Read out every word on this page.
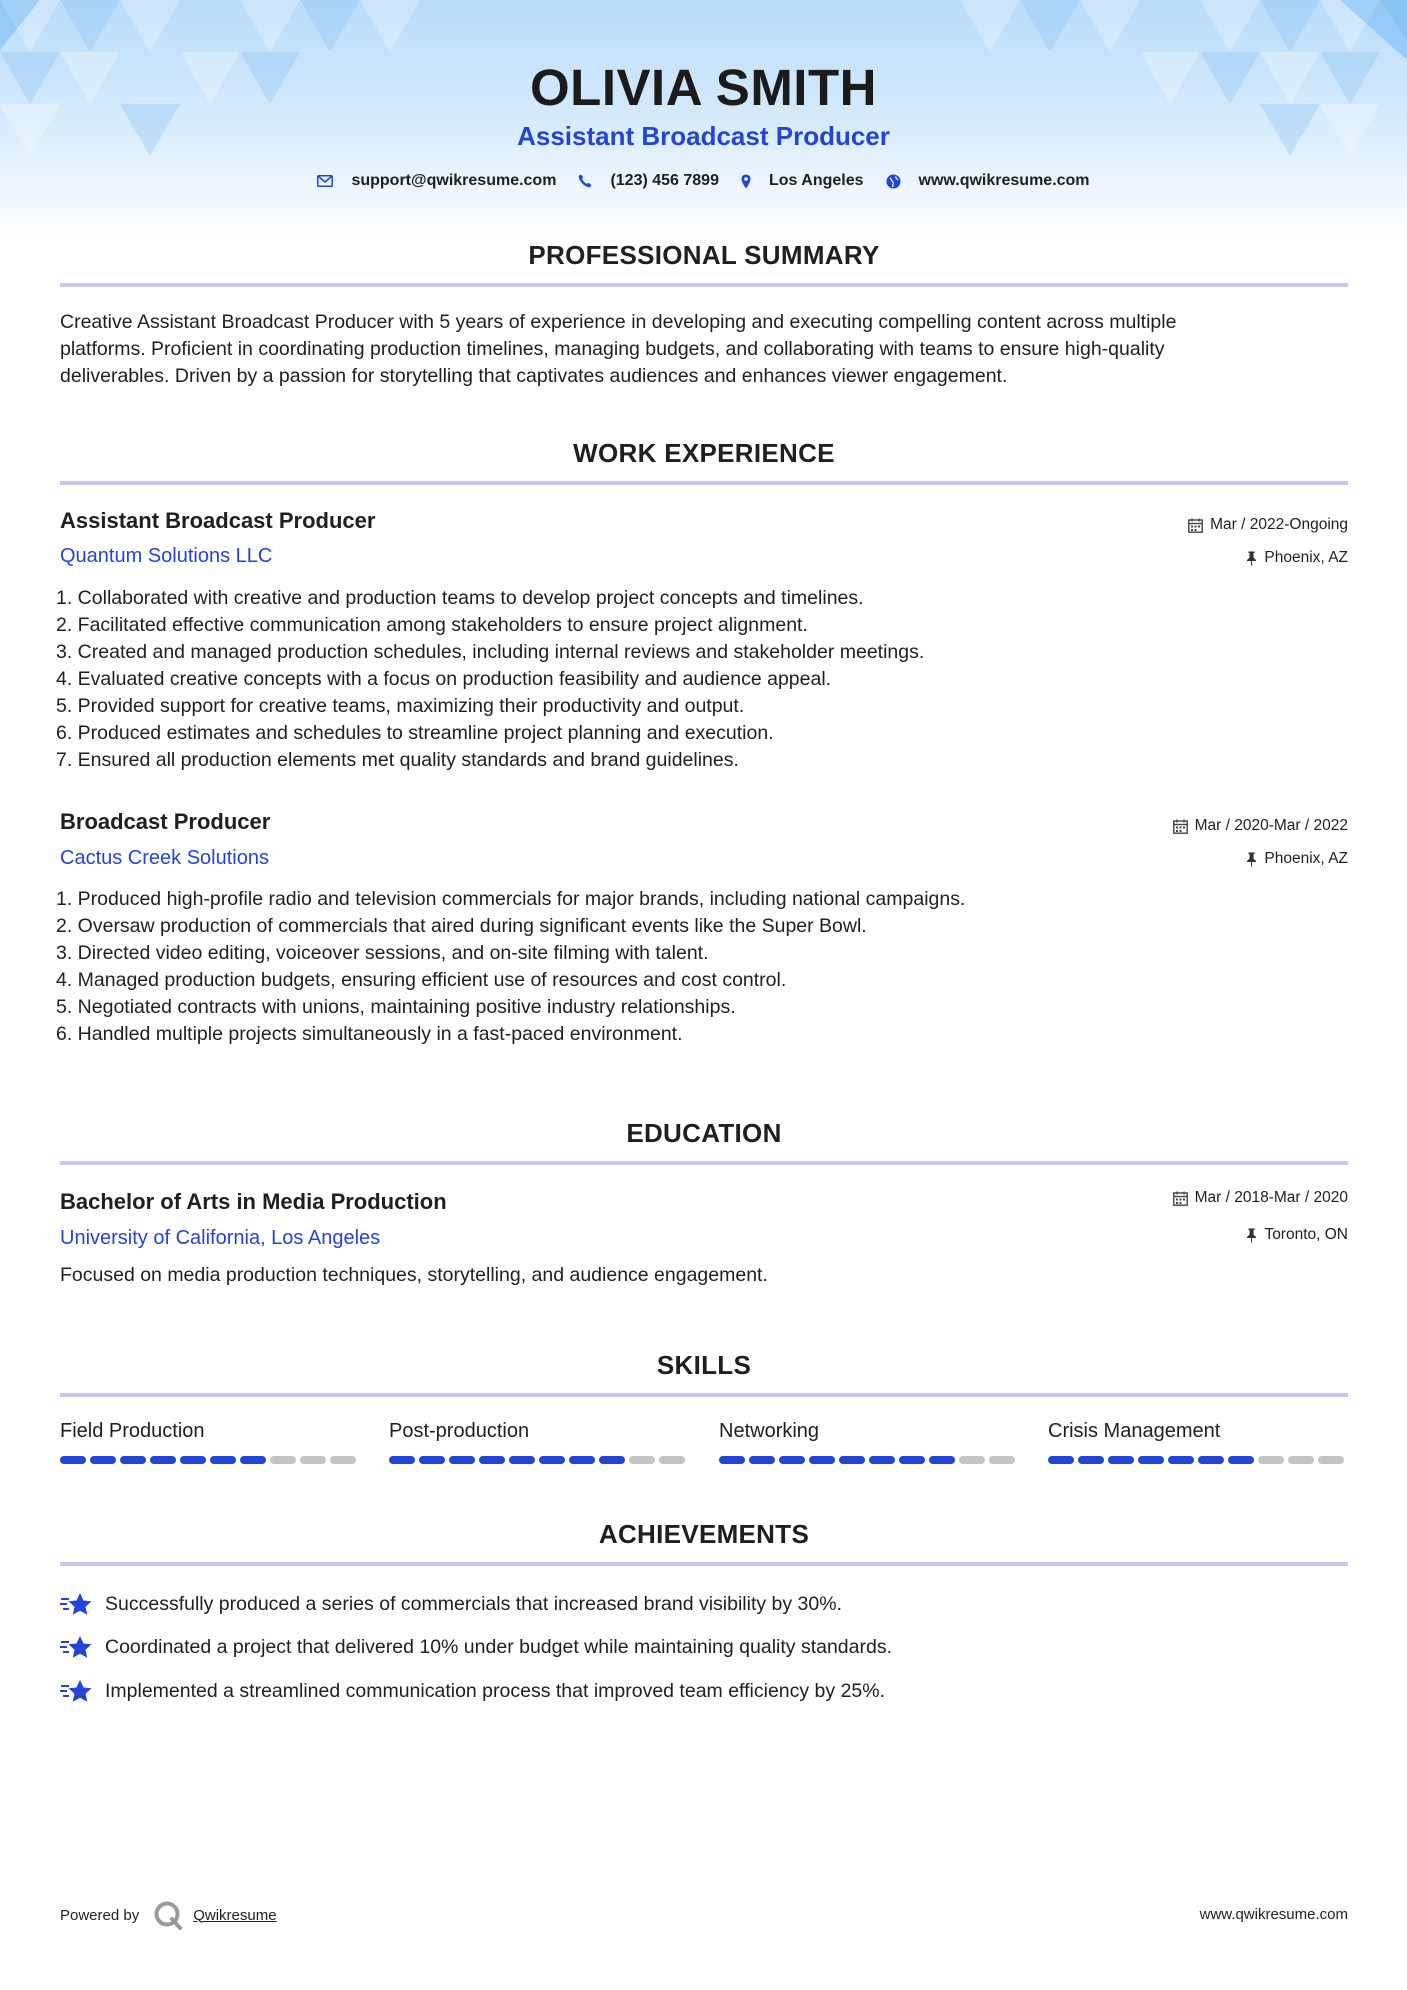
OLIVIA SMITH
Assistant Broadcast Producer
support@qwikresume.com	(123) 456 7899	Los Angeles	www.qwikresume.com
PROFESSIONAL SUMMARY
Creative Assistant Broadcast Producer with 5 years of experience in developing and executing compelling content across multiple
platforms. Proficient in coordinating production timelines, managing budgets, and collaborating with teams to ensure high-quality
deliverables. Driven by a passion for storytelling that captivates audiences and enhances viewer engagement.
WORK EXPERIENCE
Assistant Broadcast Producer
Quantum Solutions LLC
Mar / 2022-Ongoing
Phoenix, AZ
1. Collaborated with creative and production teams to develop project concepts and timelines.
2. Facilitated effective communication among stakeholders to ensure project alignment.
3. Created and managed production schedules, including internal reviews and stakeholder meetings.
4. Evaluated creative concepts with a focus on production feasibility and audience appeal.
5. Provided support for creative teams, maximizing their productivity and output.
6. Produced estimates and schedules to streamline project planning and execution.
7. Ensured all production elements met quality standards and brand guidelines.
Broadcast Producer
Cactus Creek Solutions
Mar / 2020-Mar / 2022
Phoenix, AZ
1. Produced high-profile radio and television commercials for major brands, including national campaigns.
2. Oversaw production of commercials that aired during significant events like the Super Bowl.
3. Directed video editing, voiceover sessions, and on-site filming with talent.
4. Managed production budgets, ensuring efficient use of resources and cost control.
5. Negotiated contracts with unions, maintaining positive industry relationships.
6. Handled multiple projects simultaneously in a fast-paced environment.
EDUCATION
Bachelor of Arts in Media Production
University of California, Los Angeles
Mar / 2018-Mar / 2020
Toronto, ON
Focused on media production techniques, storytelling, and audience engagement.
SKILLS
Field Production	Post-production	Networking	Crisis Management
ACHIEVEMENTS
Successfully produced a series of commercials that increased brand visibility by 30%.
Coordinated a project that delivered 10% under budget while maintaining quality standards.
Implemented a streamlined communication process that improved team efficiency by 25%.
Powered by	Qwikresume	www.qwikresume.com
